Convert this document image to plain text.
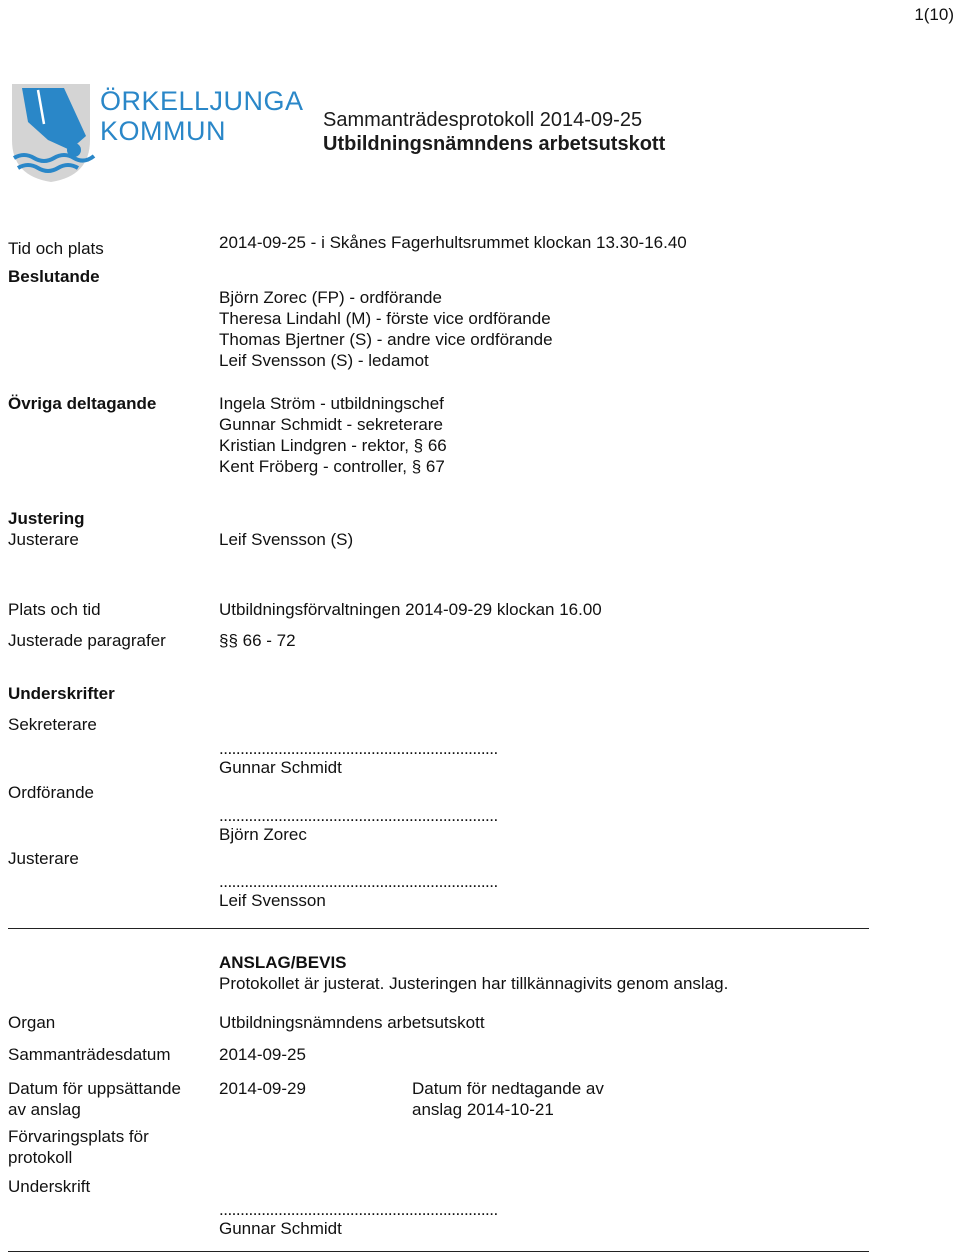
1(10)
ÖRKELLJUNGA
KOMMUN	Sammanträdesprotokoll 2014-09-25
Utbildningsnämndens arbetsutskott
Tid och plats	2014-09-25 - i Skånes Fagerhultsrummet klockan 13.30-16.40
Beslutande
Björn Zorec (FP) - ordförande
Theresa Lindahl (M) - förste vice ordförande
Thomas Bjertner (S) - andre vice ordförande
Leif Svensson (S) - ledamot
Övriga deltagande	Ingela Ström - utbildningschef
Gunnar Schmidt - sekreterare
Kristian Lindgren - rektor, § 66
Kent Fröberg - controller, § 67
Justering
Justerare	Leif Svensson (S)
Plats och tid	Utbildningsförvaltningen 2014-09-29 klockan 16.00
Justerade paragrafer	§§ 66 - 72
Underskrifter
Sekreterare
..................................................................
Gunnar Schmidt
Ordförande
..................................................................
Björn Zorec
Justerare
..................................................................
Leif Svensson
ANSLAG/BEVIS
Protokollet är justerat. Justeringen har tillkännagivits genom anslag.
Organ	Utbildningsnämndens arbetsutskott
Sammanträdesdatum	2014-09-25
Datum för uppsättande
av anslag
2014-09-29	Datum för nedtagande av
anslag 2014-10-21
Förvaringsplats för
protokoll
Underskrift
..................................................................
Gunnar Schmidt
